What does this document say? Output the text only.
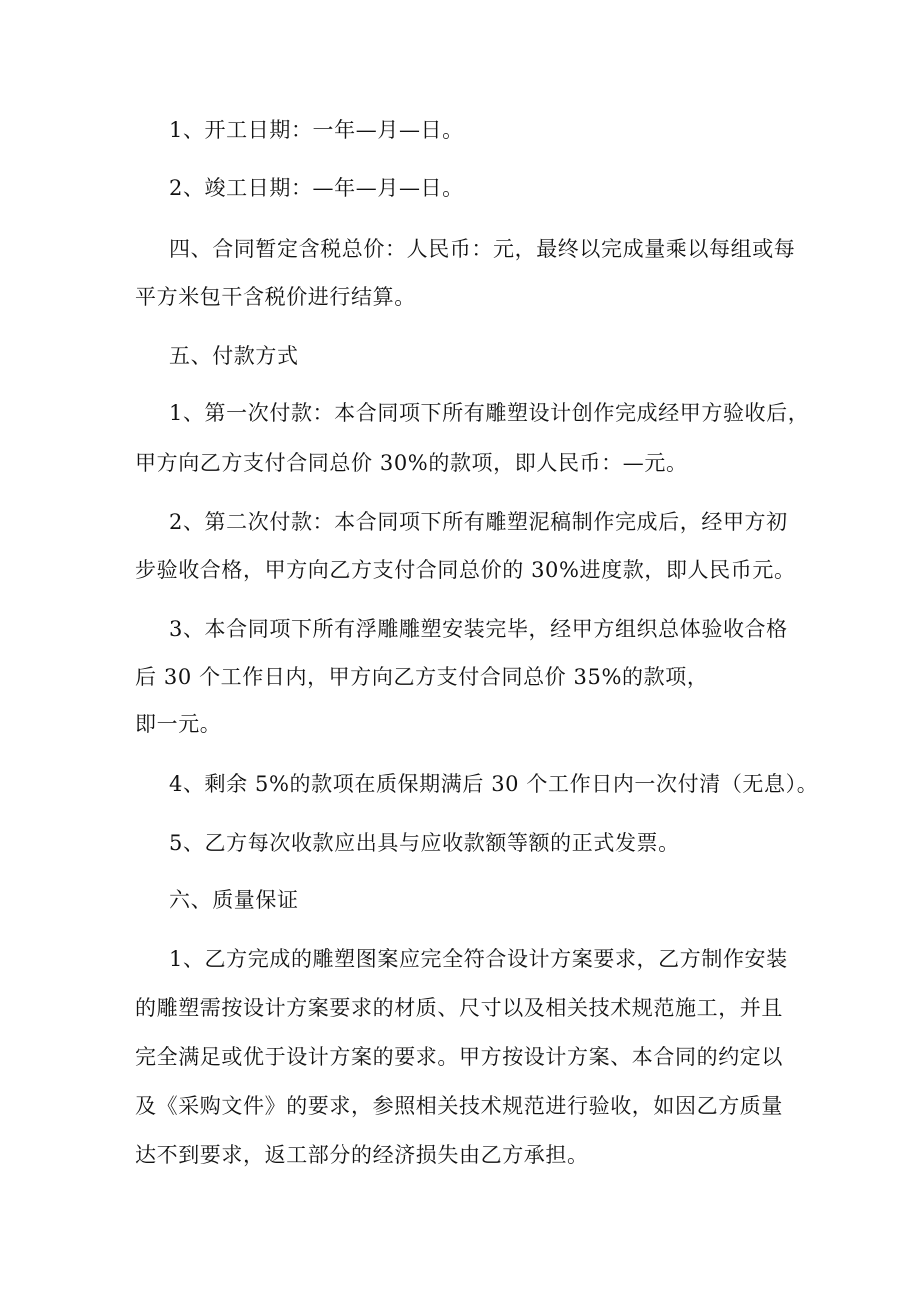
1、开工日期：一年—月—日。
2、竣工日期：—年—月—日。
四、合同暂定含税总价：人民币：元，最终以完成量乘以每组或每
平方米包干含税价进行结算。
五、付款方式
1、第一次付款：本合同项下所有雕塑设计创作完成经甲方验收后，
甲方向乙方支付合同总价 30%的款项，即人民币：—元。
2、第二次付款：本合同项下所有雕塑泥稿制作完成后，经甲方初
步验收合格，甲方向乙方支付合同总价的 30%进度款，即人民币元。
3、本合同项下所有浮雕雕塑安装完毕，经甲方组织总体验收合格
后 30 个工作日内，甲方向乙方支付合同总价 35%的款项，
即一元。
4、剩余 5%的款项在质保期满后 30 个工作日内一次付清（无息）。
5、乙方每次收款应出具与应收款额等额的正式发票。
六、质量保证
1、乙方完成的雕塑图案应完全符合设计方案要求，乙方制作安装
的雕塑需按设计方案要求的材质、尺寸以及相关技术规范施工，并且
完全满足或优于设计方案的要求。甲方按设计方案、本合同的约定以
及《采购文件》的要求，参照相关技术规范进行验收，如因乙方质量
达不到要求，返工部分的经济损失由乙方承担。
